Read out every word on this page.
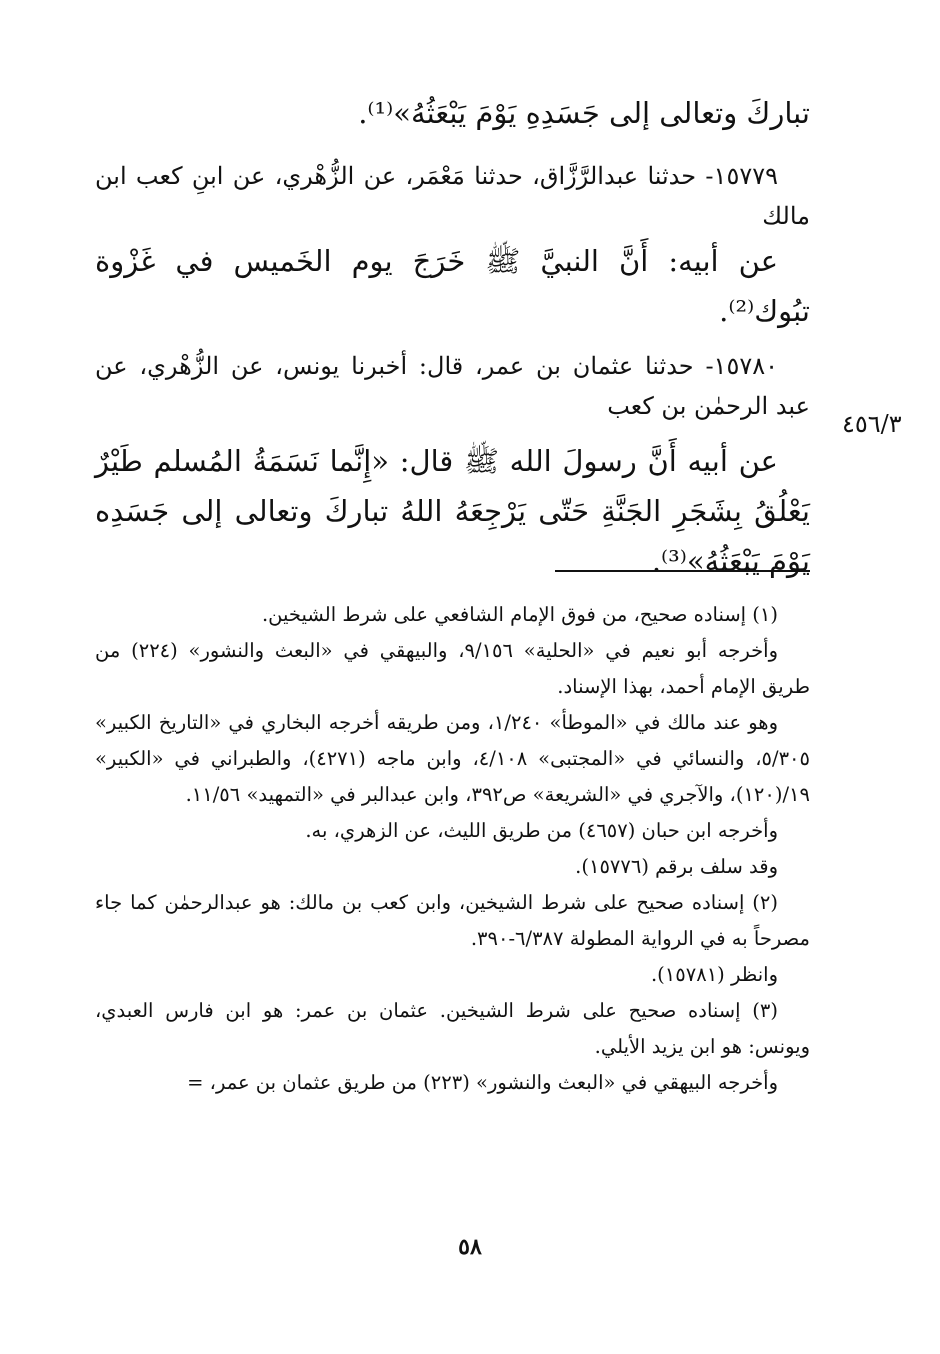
تباركَ وتعالى إلى جَسَدِهِ يَوْمَ يَبْعَثُهُ»⁽¹⁾.

١٥٧٧٩- حدثنا عبدالرَّزَّاق، حدثنا مَعْمَر، عن الزُّهْري، عن ابنِ كعب ابن مالك

عن أبيه: أَنَّ النبيَّ ﷺ خَرَجَ يوم الخَميس في غَزْوة تبُوك⁽²⁾.

١٥٧٨٠- حدثنا عثمان بن عمر، قال: أخبرنا يونس، عن الزُّهْري، عن عبد الرحمٰن بن كعب

عن أبيه أَنَّ رسولَ الله ﷺ قال: «إِنَّما نَسَمَةُ المُسلم طَيْرٌ يَعْلُقُ بِشَجَرِ الجَنَّةِ حَتّى يَرْجِعَهُ اللهُ تباركَ وتعالى إلى جَسَدِه يَوْمَ يَبْعَثُهُ»⁽³⁾.

٤٥٦/٣

(١) إسناده صحيح، من فوق الإمام الشافعي على شرط الشيخين.

وأخرجه أبو نعيم في «الحلية» ٩/١٥٦، والبيهقي في «البعث والنشور» (٢٢٤) من طريق الإمام أحمد، بهذا الإسناد.

وهو عند مالك في «الموطأ» ١/٢٤٠، ومن طريقه أخرجه البخاري في «التاريخ الكبير» ٥/٣٠٥، والنسائي في «المجتبى» ٤/١٠٨، وابن ماجه (٤٢٧١)، والطبراني في «الكبير» ١٩/(١٢٠)، والآجري في «الشريعة» ص٣٩٢، وابن عبدالبر في «التمهيد» ١١/٥٦.

وأخرجه ابن حبان (٤٦٥٧) من طريق الليث، عن الزهري، به.

وقد سلف برقم (١٥٧٧٦).

(٢) إسناده صحيح على شرط الشيخين، وابن كعب بن مالك: هو عبدالرحمٰن كما جاء مصرحاً به في الرواية المطولة ٦/٣٨٧-٣٩٠.

وانظر (١٥٧٨١).

(٣) إسناده صحيح على شرط الشيخين. عثمان بن عمر: هو ابن فارس العبدي، ويونس: هو ابن يزيد الأيلي.

وأخرجه البيهقي في «البعث والنشور» (٢٢٣) من طريق عثمان بن عمر، =

٥٨
